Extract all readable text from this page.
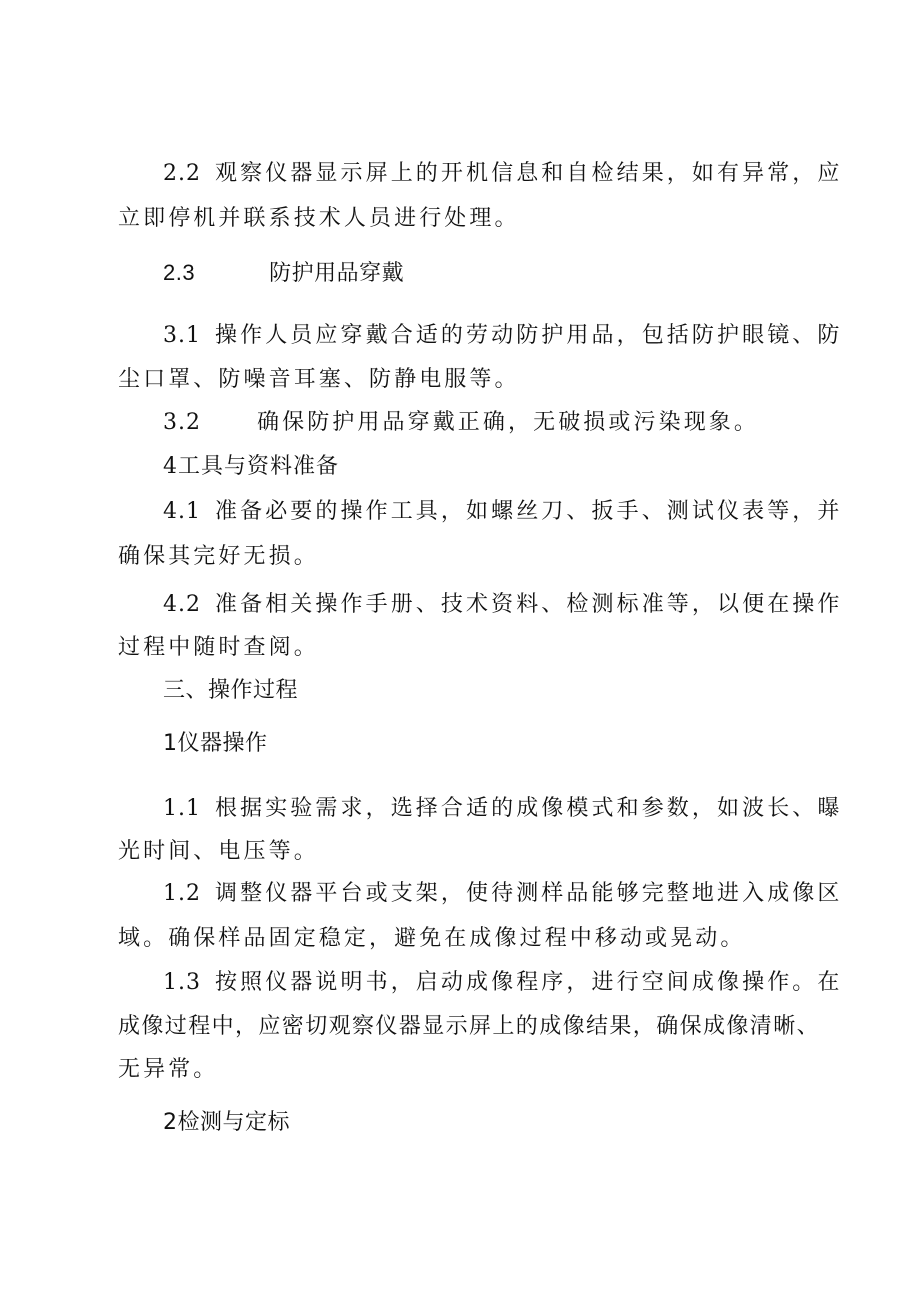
2.2 观察仪器显示屏上的开机信息和自检结果，如有异常，应
立即停机并联系技术人员进行处理。
2.3	防护用品穿戴
3.1 操作人员应穿戴合适的劳动防护用品，包括防护眼镜、防
尘口罩、防噪音耳塞、防静电服等。
3.2	确保防护用品穿戴正确，无破损或污染现象。
4工具与资料准备
4.1 准备必要的操作工具，如螺丝刀、扳手、测试仪表等，并
确保其完好无损。
4.2 准备相关操作手册、技术资料、检测标准等，以便在操作
过程中随时查阅。
三、操作过程
1仪器操作
1.1 根据实验需求，选择合适的成像模式和参数，如波长、曝
光时间、电压等。
1.2 调整仪器平台或支架，使待测样品能够完整地进入成像区
域。确保样品固定稳定，避免在成像过程中移动或晃动。
1.3 按照仪器说明书，启动成像程序，进行空间成像操作。在
成像过程中，应密切观察仪器显示屏上的成像结果，确保成像清晰、
无异常。
2检测与定标
